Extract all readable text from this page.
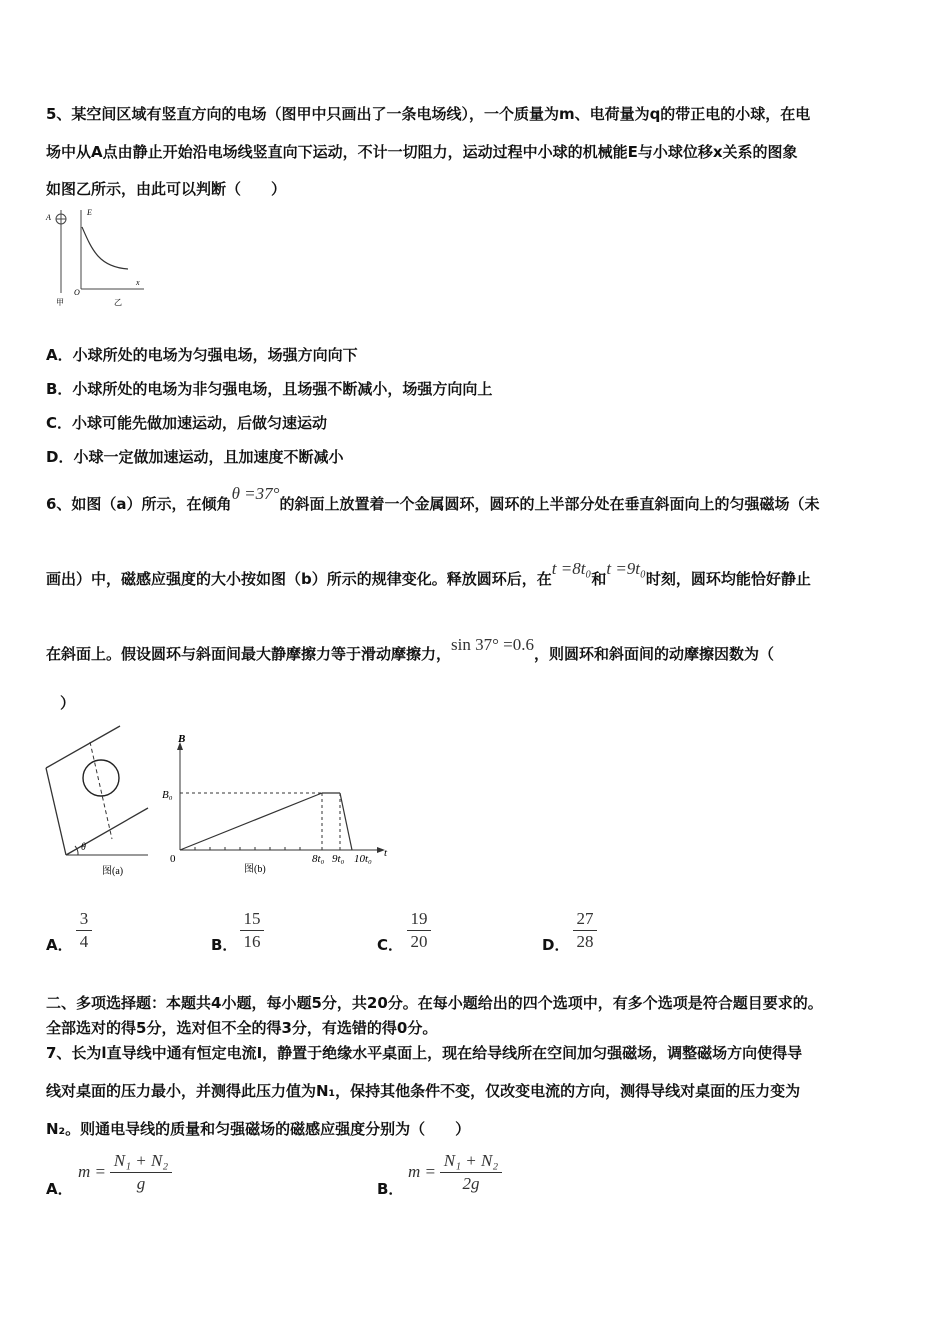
5、某空间区域有竖直方向的电场（图甲中只画出了一条电场线），一个质量为m、电荷量为q的带正电的小球，在电
场中从A点由静止开始沿电场线竖直向下运动，不计一切阻力，运动过程中小球的机械能E与小球位移x关系的图象
如图乙所示，由此可以判断（　　）
A
甲
E
O
x
乙
A．小球所处的电场为匀强电场，场强方向向下
B．小球所处的电场为非匀强电场，且场强不断减小，场强方向向上
C．小球可能先做加速运动，后做匀速运动
D．小球一定做加速运动，且加速度不断减小
6、如图（a）所示，在倾角θ =37°的斜面上放置着一个金属圆环，圆环的上半部分处在垂直斜面向上的匀强磁场（未
画出）中，磁感应强度的大小按如图（b）所示的规律变化。释放圆环后，在t =8t₀和t =9t₀时刻，圆环均能恰好静止
在斜面上。假设圆环与斜面间最大静摩擦力等于滑动摩擦力，sin 37° =0.6，则圆环和斜面间的动摩擦因数为（
）
θ
图(a)
B
B₀
0	8t₀ 9t₀ 10t₀ t
图(b)
A． $\frac{3}{4}$	B． $\frac{15}{16}$	C． $\frac{19}{20}$	D． $\frac{27}{28}$
二、多项选择题：本题共4小题，每小题5分，共20分。在每小题给出的四个选项中，有多个选项是符合题目要求的。
全部选对的得5分，选对但不全的得3分，有选错的得0分。
7、长为l直导线中通有恒定电流I，静置于绝缘水平桌面上，现在给导线所在空间加匀强磁场，调整磁场方向使得导
线对桌面的压力最小，并测得此压力值为N₁，保持其他条件不变，仅改变电流的方向，测得导线对桌面的压力变为
N₂。则通电导线的质量和匀强磁场的磁感应强度分别为（　　）
A．
$m = \frac{\text{N₁ + N₂}}{g}$	B．
$m = \frac{\text{N₁ + N₂}}{2g}$
